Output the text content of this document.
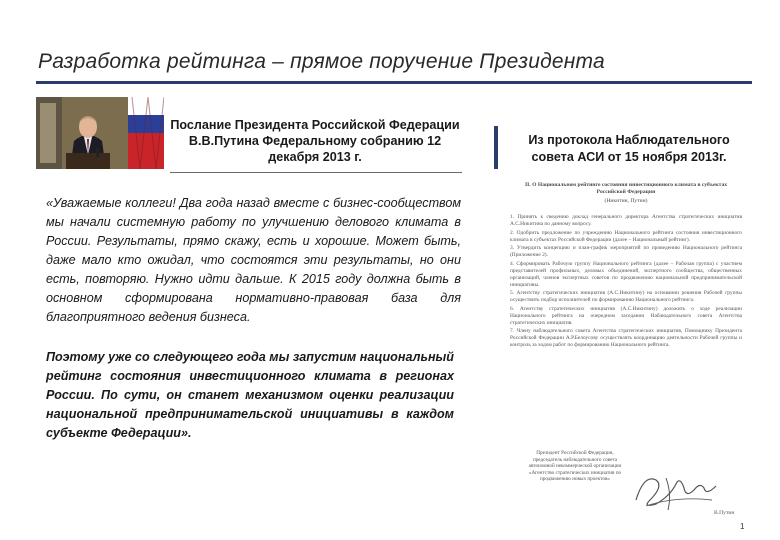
Разработка рейтинга – прямое поручение Президента
Послание Президента Российской Федерации В.В.Путина Федеральному собранию 12 декабря 2013 г.
Из протокола Наблюдательного совета АСИ от 15 ноября 2013г.
«Уважаемые коллеги! Два года назад вместе с бизнес-сообществом мы начали системную работу по улучшению делового климата в России. Результаты, прямо скажу, есть и хорошие. Может быть, даже мало кто ожидал, что состоятся эти результаты, но они есть, повторяю. Нужно идти дальше. К 2015 году должна быть в основном сформирована нормативно-правовая база для благоприятного ведения бизнеса.
Поэтому уже со следующего года мы запустим национальный рейтинг состояния инвестиционного климата в регионах России. По сути, он станет механизмом оценки реализации национальной предпринимательской инициативы в каждом субъекте Федерации».
II. О Национальном рейтинге состояния инвестиционного климата в субъектах Российской Федерации
(Никитин, Путин)

1. Принять к сведению доклад генерального директора Агентства стратегических инициатив А.С.Никитина по данному вопросу.

2. Одобрить предложение по учреждению Национального рейтинга состояния инвестиционного климата в субъектах Российской Федерации (далее – Национальный рейтинг).

3. Утвердить концепцию и план-график мероприятий по проведению Национального рейтинга (Приложение 2).

4. Сформировать Рабочую группу Национального рейтинга (далее – Рабочая группа) с участием представителей профильных, деловых объединений, экспертного сообщества, общественных организаций, членов экспертных советов по продвижению национальной предпринимательской инициативы.

5. Агентству стратегических инициатив (А.С.Никитину) на основании решения Рабочей группы осуществить подбор исполнителей по формированию Национального рейтинга.

6. Агентству стратегических инициатив (А.С.Никитину) доложить о ходе реализации Национального рейтинга на очередном заседании Наблюдательного совета Агентства стратегических инициатив.

7. Члену наблюдательного совета Агентства стратегических инициатив, Помощнику Президента Российской Федерации А.Р.Белоусову осуществлять координацию деятельности Рабочей группы и контроль за ходом работ по формированию Национального рейтинга.

Президент Российской Федерации, председатель наблюдательного совета автономной некоммерческой организации «Агентство стратегических инициатив по продвижению новых проектов»
В.Путин
1
